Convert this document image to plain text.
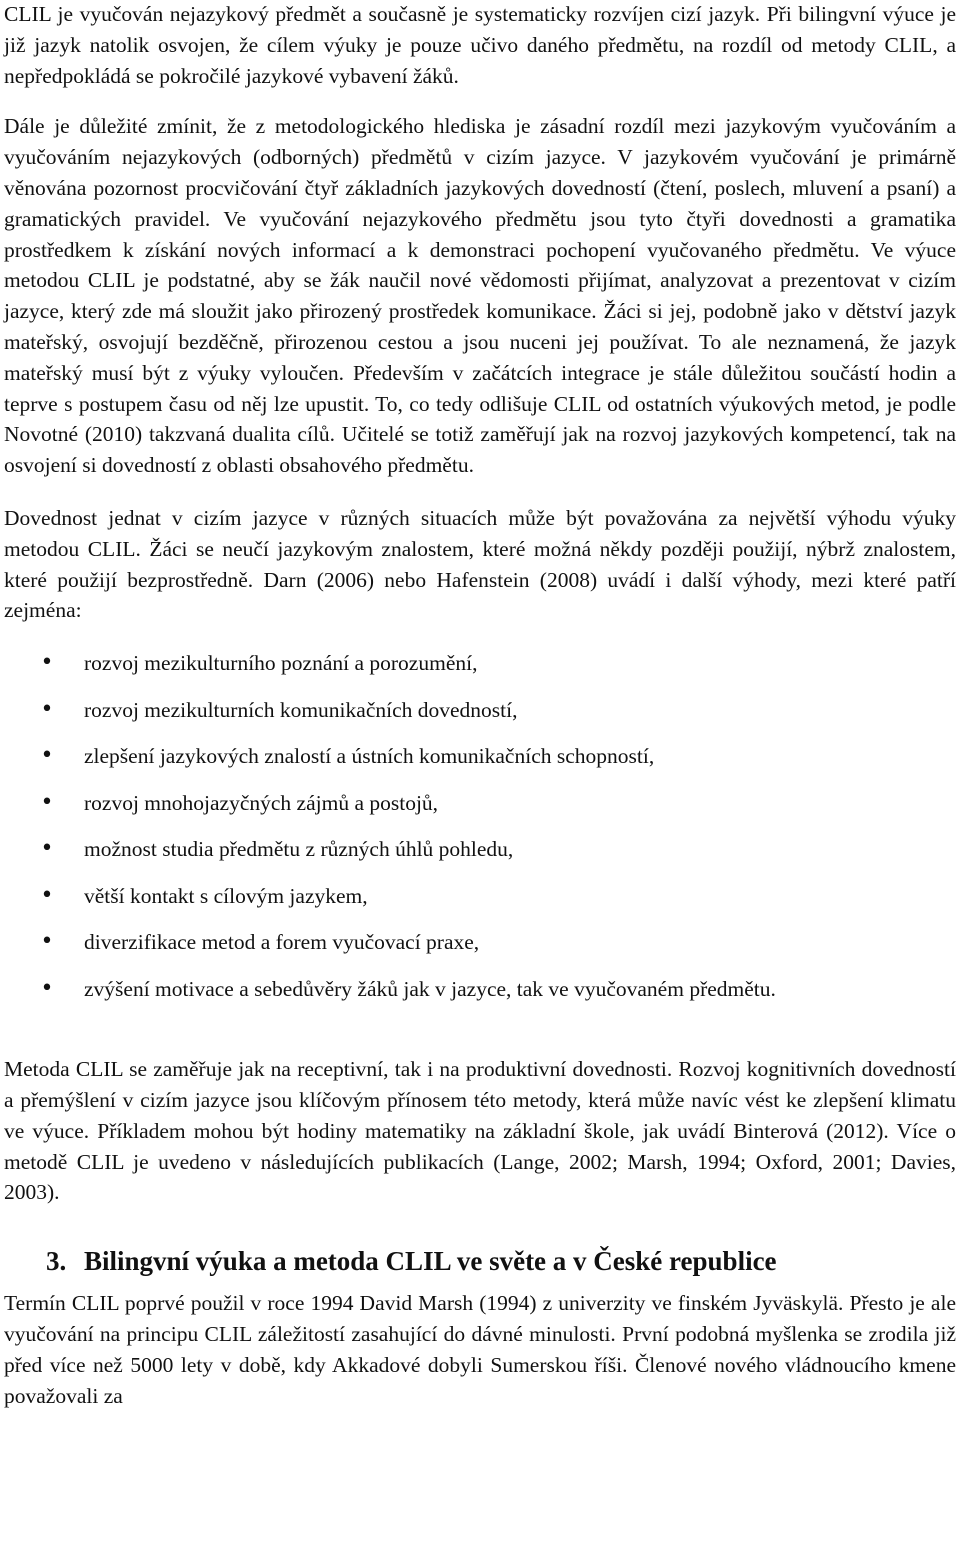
CLIL je vyučován nejazykový předmět a současně je systematicky rozvíjen cizí jazyk. Při bilingvní výuce je již jazyk natolik osvojen, že cílem výuky je pouze učivo daného předmětu, na rozdíl od metody CLIL, a nepředpokládá se pokročilé jazykové vybavení žáků.

Dále je důležité zmínit, že z metodologického hlediska je zásadní rozdíl mezi jazykovým vyučováním a vyučováním nejazykových (odborných) předmětů v cizím jazyce. V jazykovém vyučování je primárně věnována pozornost procvičování čtyř základních jazykových dovedností (čtení, poslech, mluvení a psaní) a gramatických pravidel. Ve vyučování nejazykového předmětu jsou tyto čtyři dovednosti a gramatika prostředkem k získání nových informací a k demonstraci pochopení vyučovaného předmětu. Ve výuce metodou CLIL je podstatné, aby se žák naučil nové vědomosti přijímat, analyzovat a prezentovat v cizím jazyce, který zde má sloužit jako přirozený prostředek komunikace. Žáci si jej, podobně jako v dětství jazyk mateřský, osvojují bezděčně, přirozenou cestou a jsou nuceni jej používat. To ale neznamená, že jazyk mateřský musí být z výuky vyloučen. Především v začátcích integrace je stále důležitou součástí hodin a teprve s postupem času od něj lze upustit. To, co tedy odlišuje CLIL od ostatních výukových metod, je podle Novotné (2010) takzvaná dualita cílů. Učitelé se totiž zaměřují jak na rozvoj jazykových kompetencí, tak na osvojení si dovedností z oblasti obsahového předmětu.

Dovednost jednat v cizím jazyce v různých situacích může být považována za největší výhodu výuky metodou CLIL. Žáci se neučí jazykovým znalostem, které možná někdy později použijí, nýbrž znalostem, které použijí bezprostředně. Darn (2006) nebo Hafenstein (2008) uvádí i další výhody, mezi které patří zejména:

• rozvoj mezikulturního poznání a porozumění,
• rozvoj mezikulturních komunikačních dovedností,
• zlepšení jazykových znalostí a ústních komunikačních schopností,
• rozvoj mnohojazyčných zájmů a postojů,
• možnost studia předmětu z různých úhlů pohledu,
• větší kontakt s cílovým jazykem,
• diverzifikace metod a forem vyučovací praxe,
• zvýšení motivace a sebedůvěry žáků jak v jazyce, tak ve vyučovaném předmětu.

Metoda CLIL se zaměřuje jak na receptivní, tak i na produktivní dovednosti. Rozvoj kognitivních dovedností a přemýšlení v cizím jazyce jsou klíčovým přínosem této metody, která může navíc vést ke zlepšení klimatu ve výuce. Příkladem mohou být hodiny matematiky na základní škole, jak uvádí Binterová (2012). Více o metodě CLIL je uvedeno v následujících publikacích (Lange, 2002; Marsh, 1994; Oxford, 2001; Davies, 2003).

3. Bilingvní výuka a metoda CLIL ve světe a v České republice

Termín CLIL poprvé použil v roce 1994 David Marsh (1994) z univerzity ve finském Jyväskylä. Přesto je ale vyučování na principu CLIL záležitostí zasahující do dávné minulosti. První podobná myšlenka se zrodila již před více než 5000 lety v době, kdy Akkadové dobyli Sumerskou říši. Členové nového vládnoucího kmene považovali za
